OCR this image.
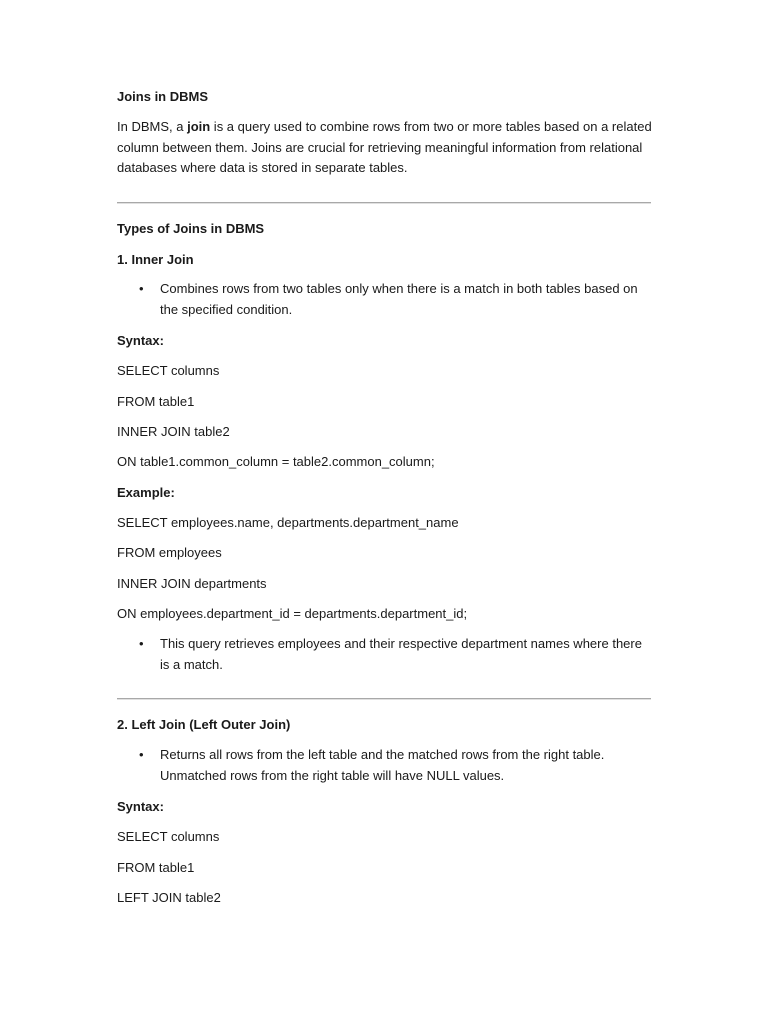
Joins in DBMS
In DBMS, a join is a query used to combine rows from two or more tables based on a related column between them. Joins are crucial for retrieving meaningful information from relational databases where data is stored in separate tables.
Types of Joins in DBMS
1. Inner Join
• Combines rows from two tables only when there is a match in both tables based on the specified condition.
Syntax:
SELECT columns
FROM table1
INNER JOIN table2
ON table1.common_column = table2.common_column;
Example:
SELECT employees.name, departments.department_name
FROM employees
INNER JOIN departments
ON employees.department_id = departments.department_id;
• This query retrieves employees and their respective department names where there is a match.
2. Left Join (Left Outer Join)
• Returns all rows from the left table and the matched rows from the right table. Unmatched rows from the right table will have NULL values.
Syntax:
SELECT columns
FROM table1
LEFT JOIN table2
